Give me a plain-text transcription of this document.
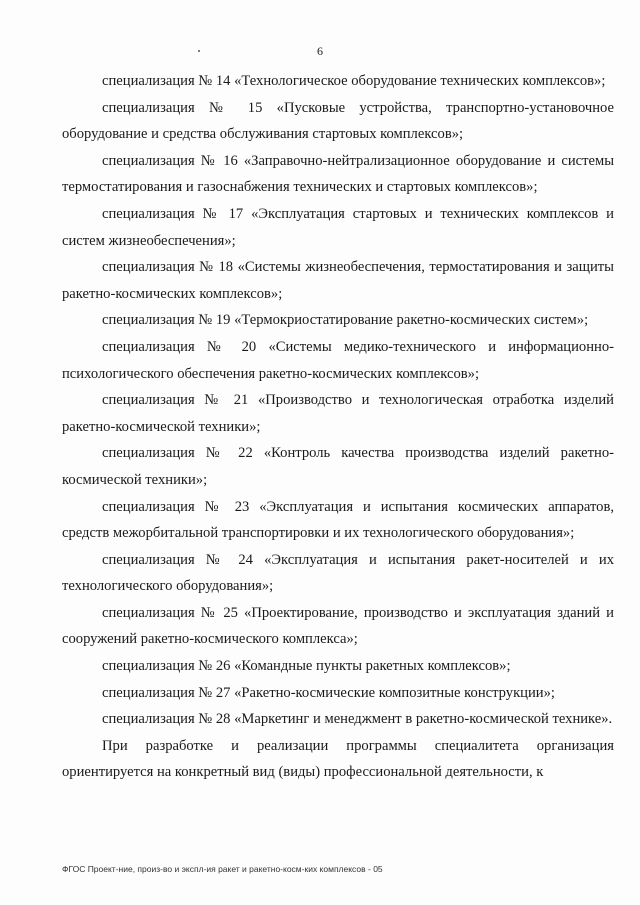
6

специализация № 14 «Технологическое оборудование технических комплексов»;

специализация № 15 «Пусковые устройства, транспортно-установочное оборудование и средства обслуживания стартовых комплексов»;

специализация № 16 «Заправочно-нейтрализационное оборудование и системы термостатирования и газоснабжения технических и стартовых комплексов»;

специализация № 17 «Эксплуатация стартовых и технических комплексов и систем жизнеобеспечения»;

специализация № 18 «Системы жизнеобеспечения, термостатирования и защиты ракетно-космических комплексов»;

специализация № 19 «Термокриостатирование ракетно-космических систем»;

специализация № 20 «Системы медико-технического и информационно-психологического обеспечения ракетно-космических комплексов»;

специализация № 21 «Производство и технологическая отработка изделий ракетно-космической техники»;

специализация № 22 «Контроль качества производства изделий ракетно-космической техники»;

специализация № 23 «Эксплуатация и испытания космических аппаратов, средств межорбитальной транспортировки и их технологического оборудования»;

специализация № 24 «Эксплуатация и испытания ракет-носителей и их технологического оборудования»;

специализация № 25 «Проектирование, производство и эксплуатация зданий и сооружений ракетно-космического комплекса»;

специализация № 26 «Командные пункты ракетных комплексов»;

специализация № 27 «Ракетно-космические композитные конструкции»;

специализация № 28 «Маркетинг и менеджмент в ракетно-космической технике».

При разработке и реализации программы специалитета организация ориентируется на конкретный вид (виды) профессиональной деятельности, к

ФГОС Проект-ние, произ-во и экспл-ия ракет и ракетно-косм-ких комплексов - 05
